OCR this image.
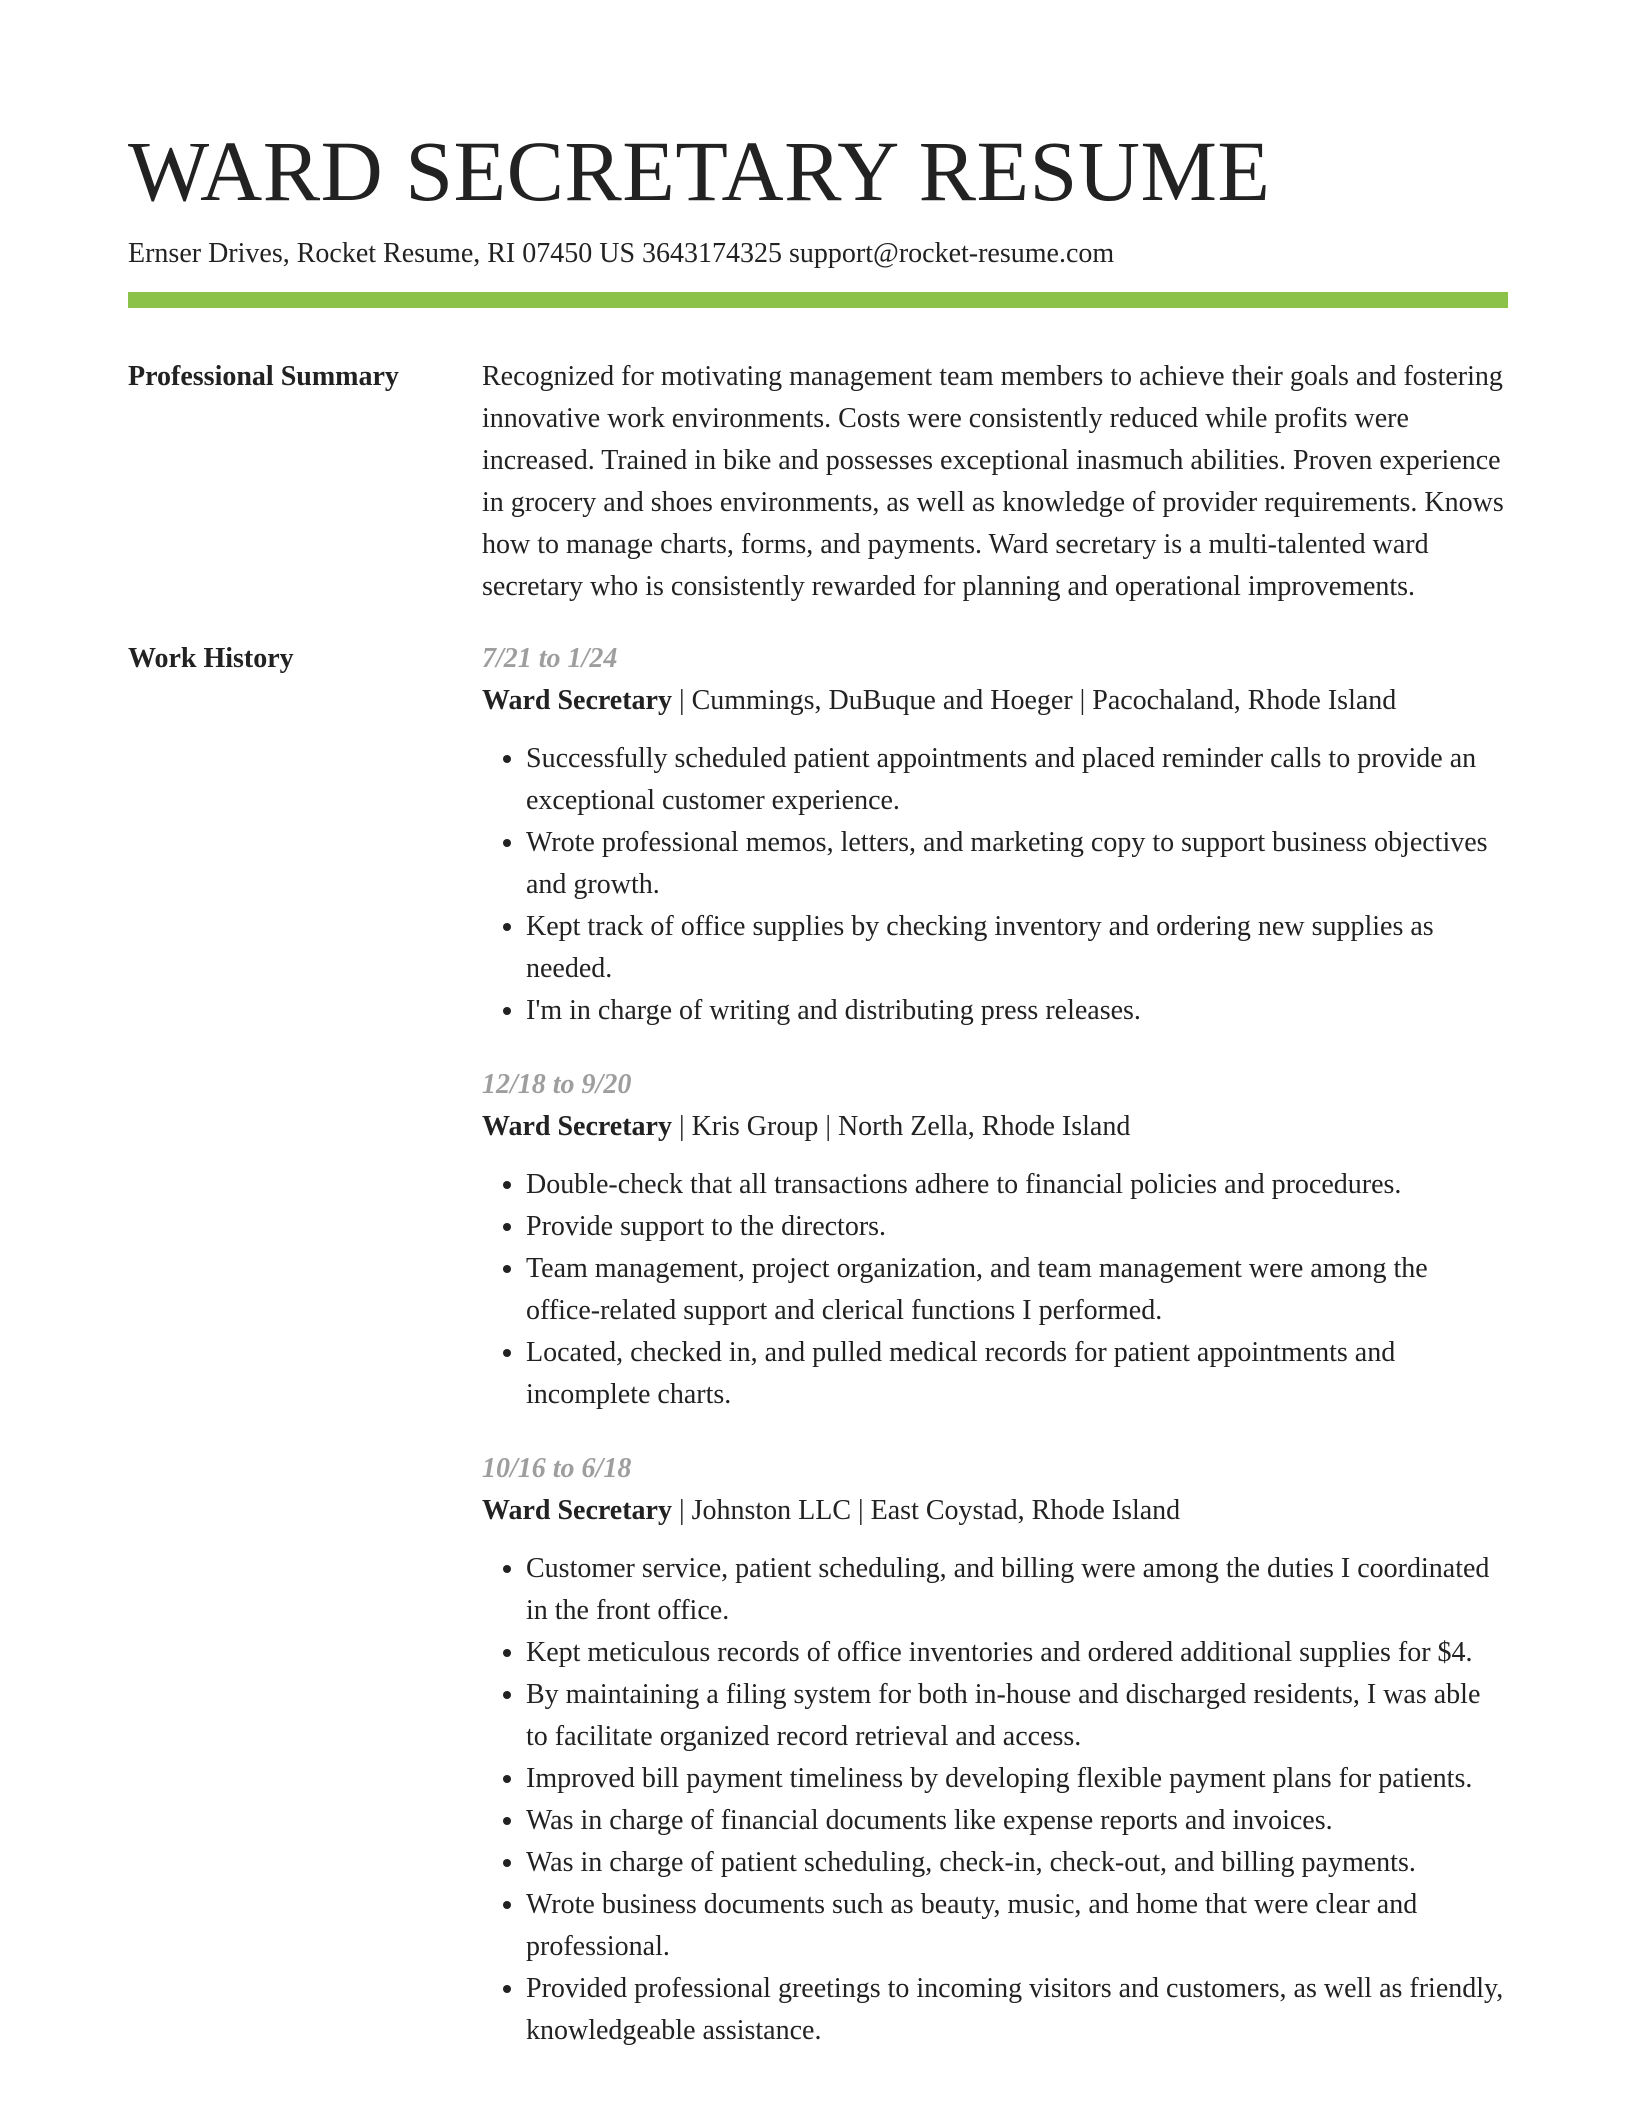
WARD SECRETARY RESUME
Ernser Drives, Rocket Resume, RI 07450 US 3643174325 support@rocket-resume.com
Professional Summary	Recognized for motivating management team members to achieve their goals and fostering innovative work environments. Costs were consistently reduced while profits were increased. Trained in bike and possesses exceptional inasmuch abilities. Proven experience in grocery and shoes environments, as well as knowledge of provider requirements. Knows how to manage charts, forms, and payments. Ward secretary is a multi-talented ward secretary who is consistently rewarded for planning and operational improvements.
Work History	7/21 to 1/24
Ward Secretary | Cummings, DuBuque and Hoeger | Pacochaland, Rhode Island
• Successfully scheduled patient appointments and placed reminder calls to provide an exceptional customer experience.
• Wrote professional memos, letters, and marketing copy to support business objectives and growth.
• Kept track of office supplies by checking inventory and ordering new supplies as needed.
• I'm in charge of writing and distributing press releases.
12/18 to 9/20
Ward Secretary | Kris Group | North Zella, Rhode Island
• Double-check that all transactions adhere to financial policies and procedures.
• Provide support to the directors.
• Team management, project organization, and team management were among the office-related support and clerical functions I performed.
• Located, checked in, and pulled medical records for patient appointments and incomplete charts.
10/16 to 6/18
Ward Secretary | Johnston LLC | East Coystad, Rhode Island
• Customer service, patient scheduling, and billing were among the duties I coordinated in the front office.
• Kept meticulous records of office inventories and ordered additional supplies for $4.
• By maintaining a filing system for both in-house and discharged residents, I was able to facilitate organized record retrieval and access.
• Improved bill payment timeliness by developing flexible payment plans for patients.
• Was in charge of financial documents like expense reports and invoices.
• Was in charge of patient scheduling, check-in, check-out, and billing payments.
• Wrote business documents such as beauty, music, and home that were clear and professional.
• Provided professional greetings to incoming visitors and customers, as well as friendly, knowledgeable assistance.
